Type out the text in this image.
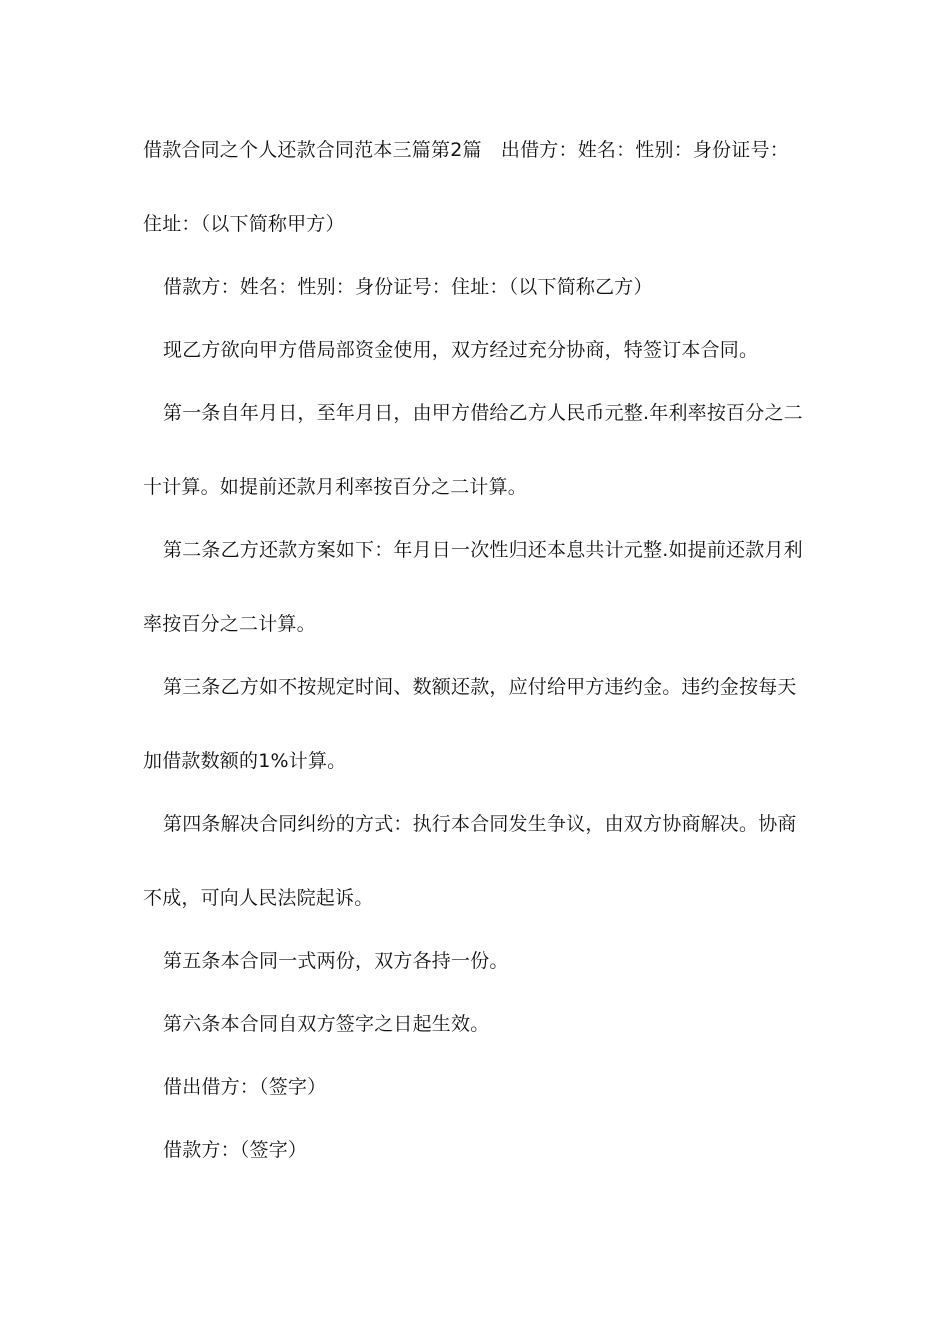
借款合同之个人还款合同范本三篇第2篇　出借方：姓名：性别：身份证号：
住址：（以下简称甲方）
借款方：姓名：性别：身份证号：住址：（以下简称乙方）
现乙方欲向甲方借局部资金使用，双方经过充分协商，特签订本合同。
第一条自年月日，至年月日，由甲方借给乙方人民币元整.年利率按百分之二
十计算。如提前还款月利率按百分之二计算。
第二条乙方还款方案如下：年月日一次性归还本息共计元整.如提前还款月利
率按百分之二计算。
第三条乙方如不按规定时间、数额还款，应付给甲方违约金。违约金按每天
加借款数额的1%计算。
第四条解决合同纠纷的方式：执行本合同发生争议，由双方协商解决。协商
不成，可向人民法院起诉。
第五条本合同一式两份，双方各持一份。
第六条本合同自双方签字之日起生效。
借出借方：（签字）
借款方：（签字）
